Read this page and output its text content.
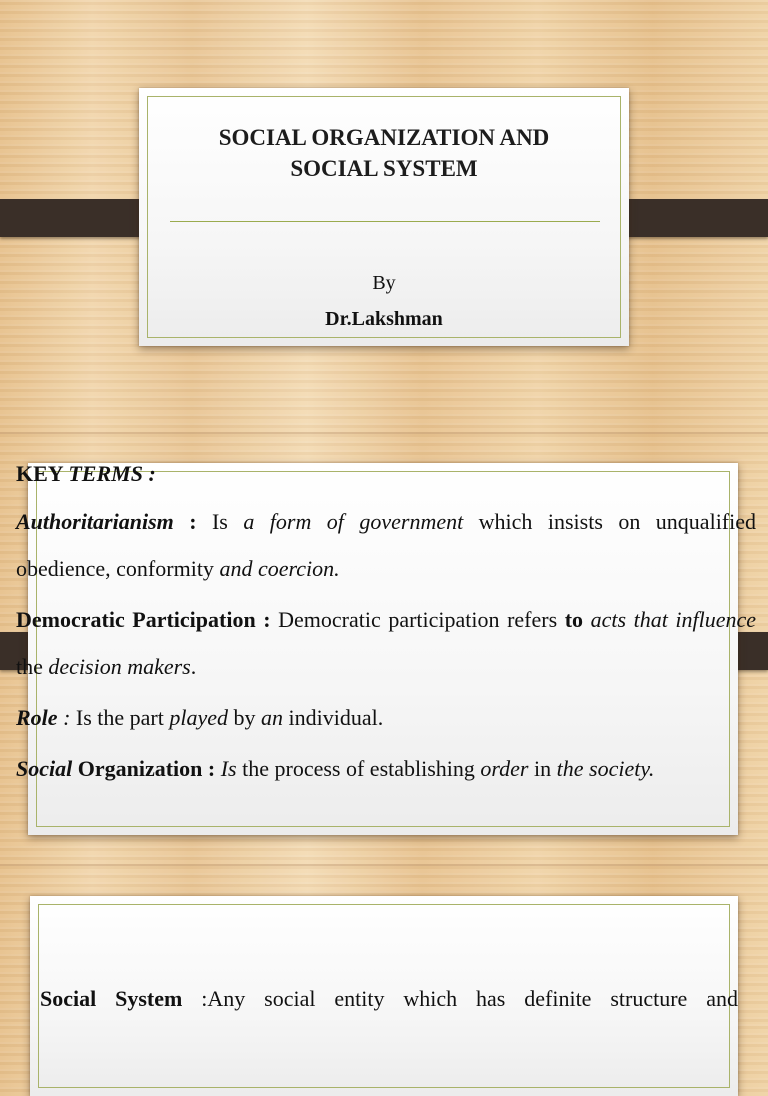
SOCIAL ORGANIZATION AND
SOCIAL SYSTEM
By
Dr.Lakshman

KEY TERMS :

Authoritarianism : Is a form of government which insists on unqualified obedience, conformity and coercion.

Democratic Participation : Democratic participation refers to acts that influence the decision makers.

Role : Is the part played by an individual.

Social Organization : Is the process of establishing order in the society.

Social System :Any social entity which has definite structure and
